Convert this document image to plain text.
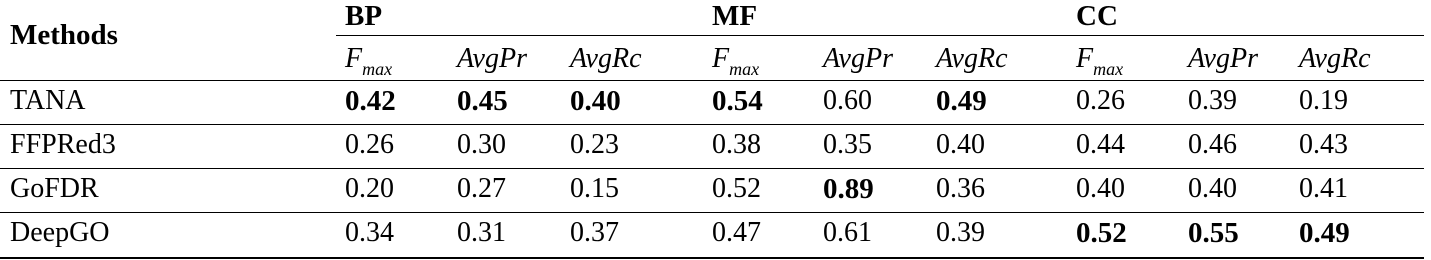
Methods
BP	MF	CC
$F_{max}$ AvgPr AvgRc	$F_{max}$ AvgPr AvgRc $F_{max}$ AvgPr AvgRc
TANA	0.42 0.45 0.40	0.54 0.60 0.49	0.26 0.39 0.19
FFPRed3	0.26 0.30 0.23	0.38 0.35 0.40	0.44 0.46 0.43
GoFDR	0.20 0.27 0.15	0.52 0.89 0.36	0.40 0.40 0.41
DeepGO	0.34 0.31 0.37	0.47 0.61 0.39	0.52 0.55 0.49
